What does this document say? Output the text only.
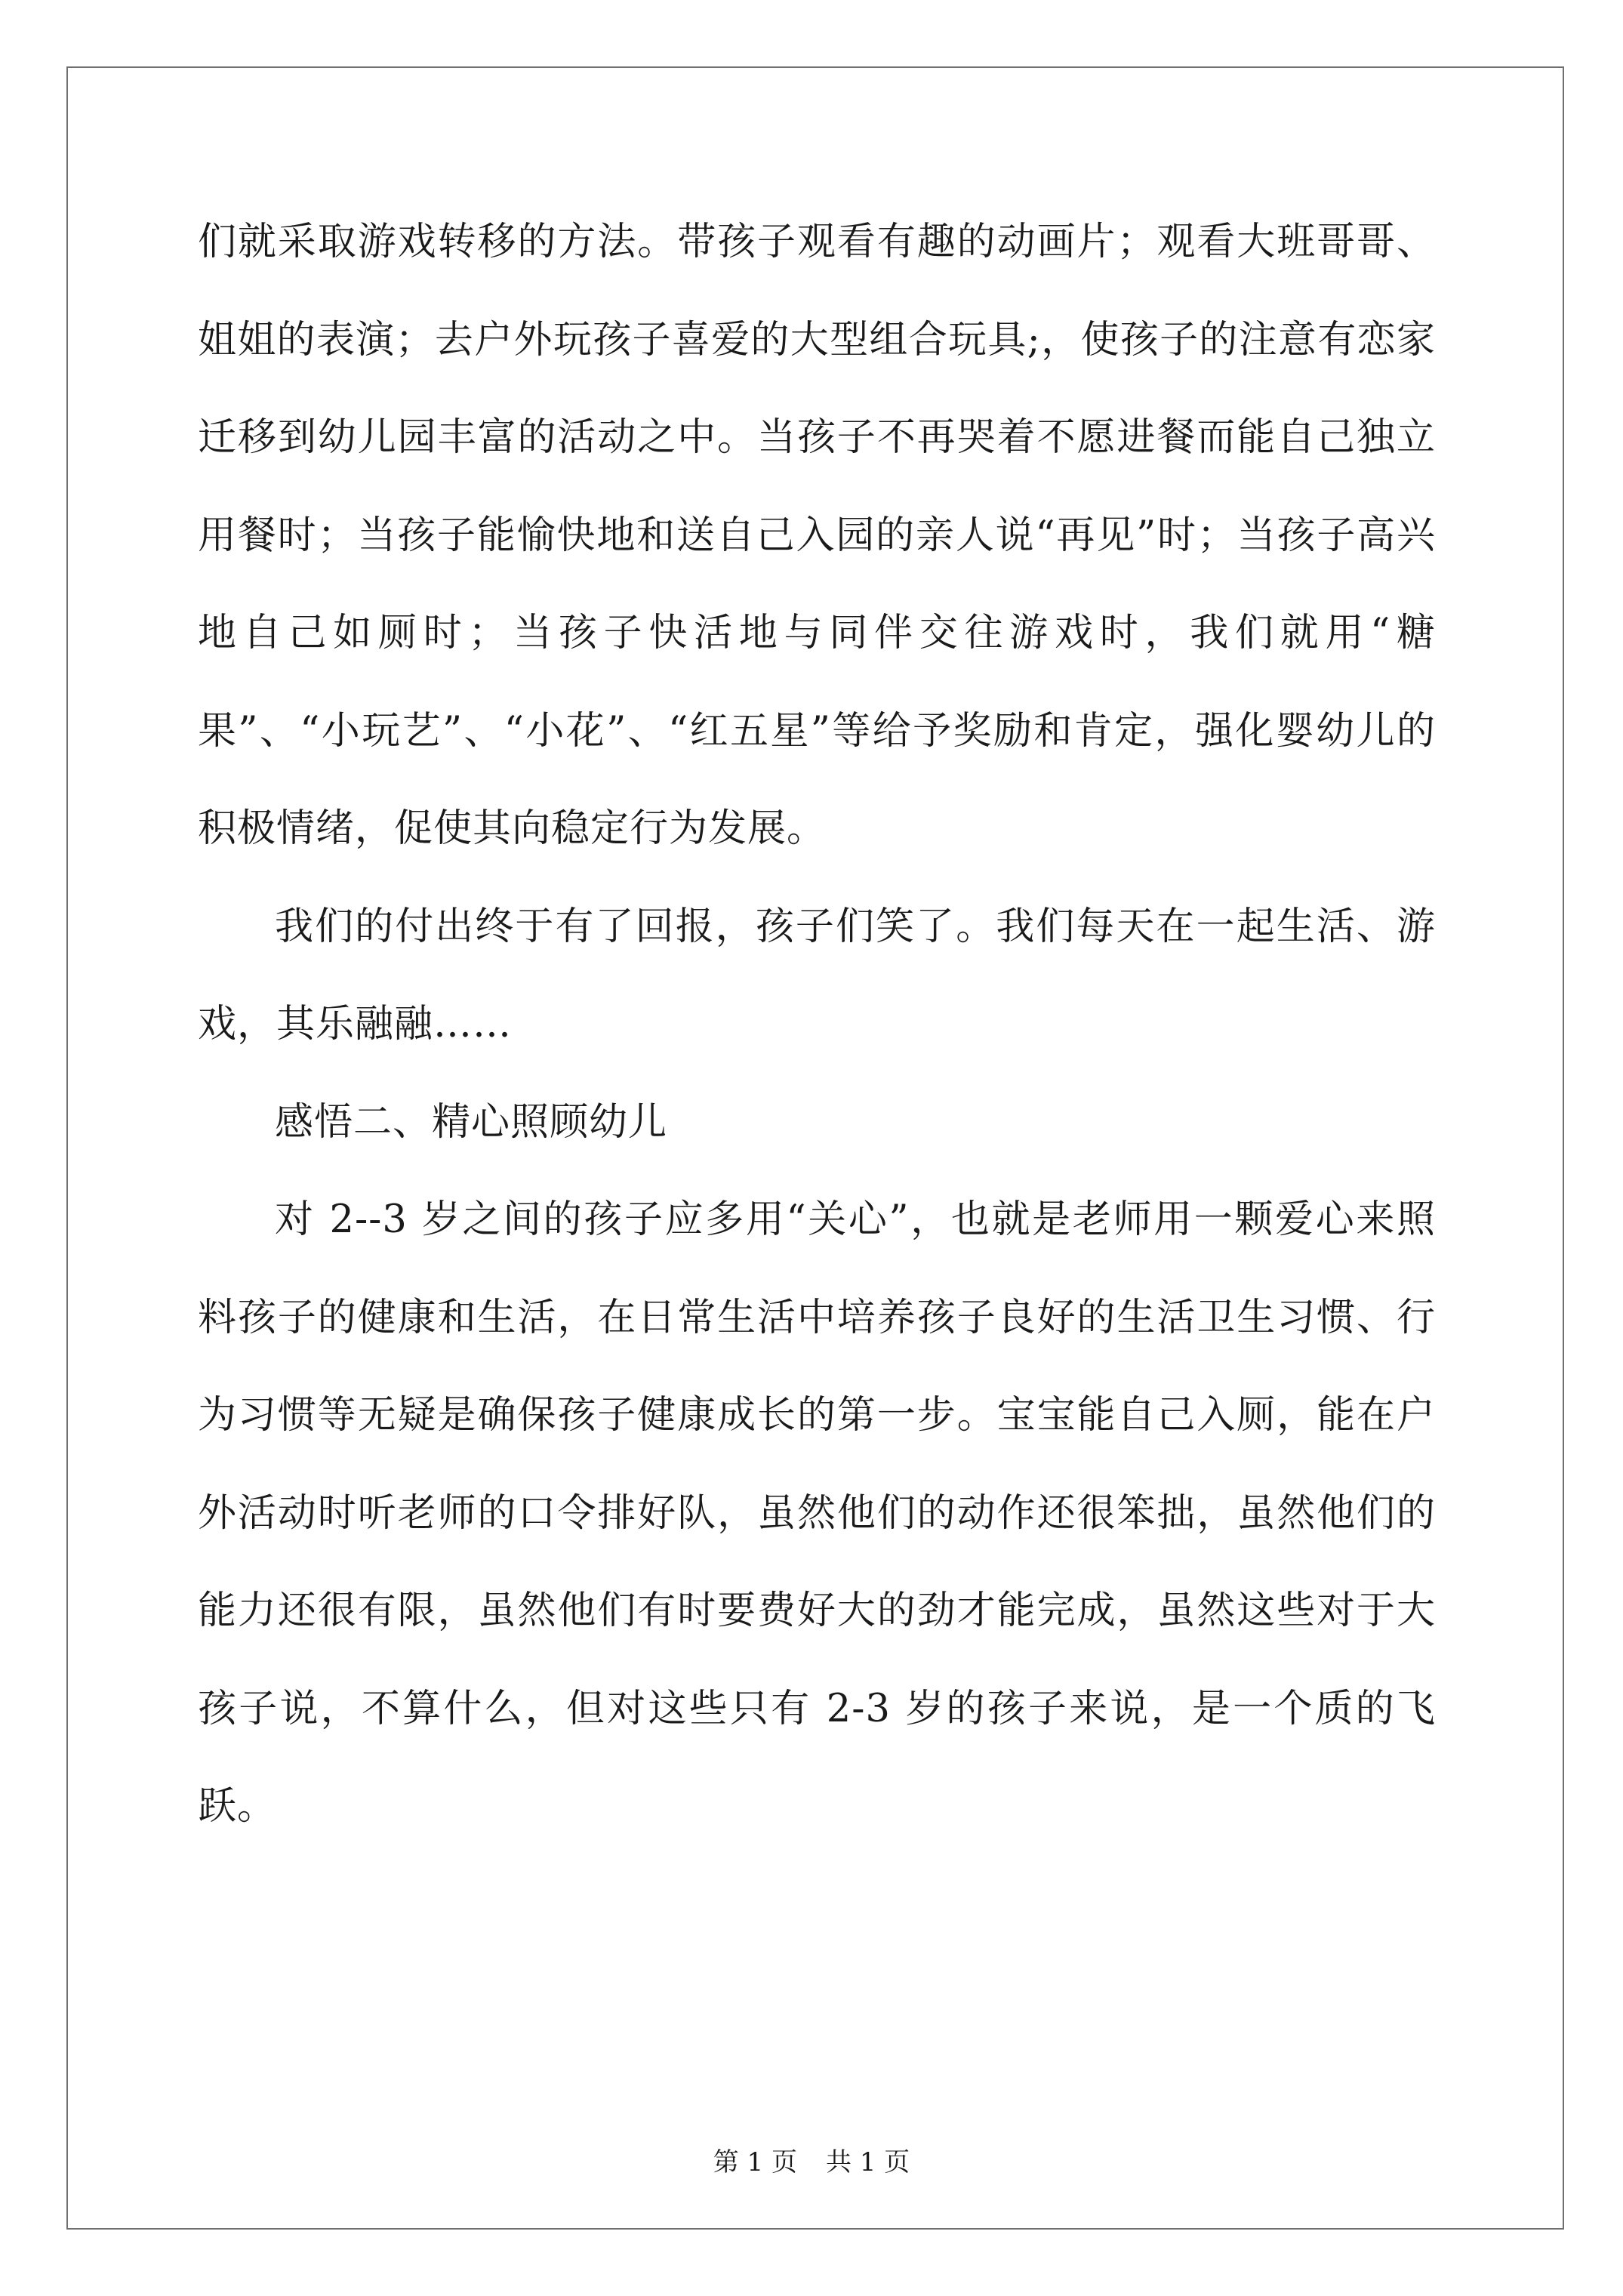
们就采取游戏转移的方法。带孩子观看有趣的动画片；观看大班哥哥、姐姐的表演；去户外玩孩子喜爱的大型组合玩具;，使孩子的注意有恋家迁移到幼儿园丰富的活动之中。当孩子不再哭着不愿进餐而能自己独立用餐时；当孩子能愉快地和送自己入园的亲人说“再见”时；当孩子高兴地自己如厕时；当孩子快活地与同伴交往游戏时，我们就用“糖果”、“小玩艺”、“小花”、“红五星”等给予奖励和肯定，强化婴幼儿的积极情绪，促使其向稳定行为发展。

我们的付出终于有了回报，孩子们笑了。我们每天在一起生活、游戏，其乐融融……

感悟二、精心照顾幼儿

对 2--3 岁之间的孩子应多用“关心”，也就是老师用一颗爱心来照料孩子的健康和生活，在日常生活中培养孩子良好的生活卫生习惯、行为习惯等无疑是确保孩子健康成长的第一步。宝宝能自己入厕，能在户外活动时听老师的口令排好队，虽然他们的动作还很笨拙，虽然他们的能力还很有限，虽然他们有时要费好大的劲才能完成，虽然这些对于大孩子说，不算什么，但对这些只有 2-3 岁的孩子来说，是一个质的飞跃。

第 1 页 共 1 页
